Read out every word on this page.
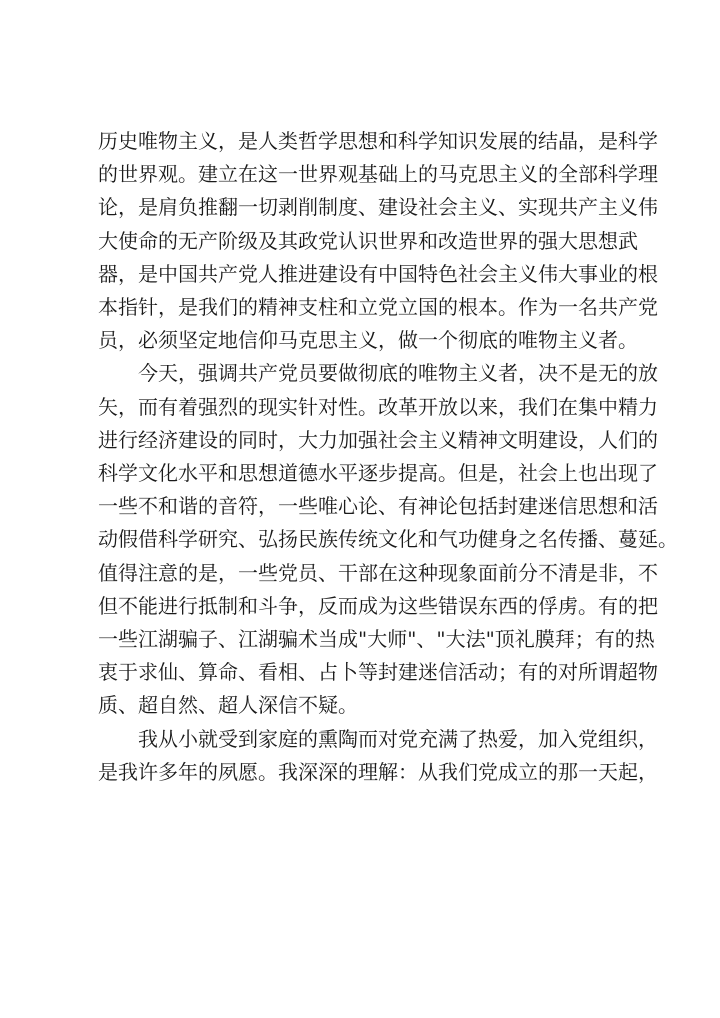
历史唯物主义，是人类哲学思想和科学知识发展的结晶，是科学
的世界观。建立在这一世界观基础上的马克思主义的全部科学理
论，是肩负推翻一切剥削制度、建设社会主义、实现共产主义伟
大使命的无产阶级及其政党认识世界和改造世界的强大思想武
器，是中国共产党人推进建设有中国特色社会主义伟大事业的根
本指针，是我们的精神支柱和立党立国的根本。作为一名共产党
员，必须坚定地信仰马克思主义，做一个彻底的唯物主义者。

今天，强调共产党员要做彻底的唯物主义者，决不是无的放
矢，而有着强烈的现实针对性。改革开放以来，我们在集中精力
进行经济建设的同时，大力加强社会主义精神文明建设，人们的
科学文化水平和思想道德水平逐步提高。但是，社会上也出现了
一些不和谐的音符，一些唯心论、有神论包括封建迷信思想和活
动假借科学研究、弘扬民族传统文化和气功健身之名传播、蔓延。
值得注意的是，一些党员、干部在这种现象面前分不清是非，不
但不能进行抵制和斗争，反而成为这些错误东西的俘虏。有的把
一些江湖骗子、江湖骗术当成"大师"、"大法"顶礼膜拜；有的热
衷于求仙、算命、看相、占卜等封建迷信活动；有的对所谓超物
质、超自然、超人深信不疑。

我从小就受到家庭的熏陶而对党充满了热爱，加入党组织，
是我许多年的夙愿。我深深的理解：从我们党成立的那一天起，
